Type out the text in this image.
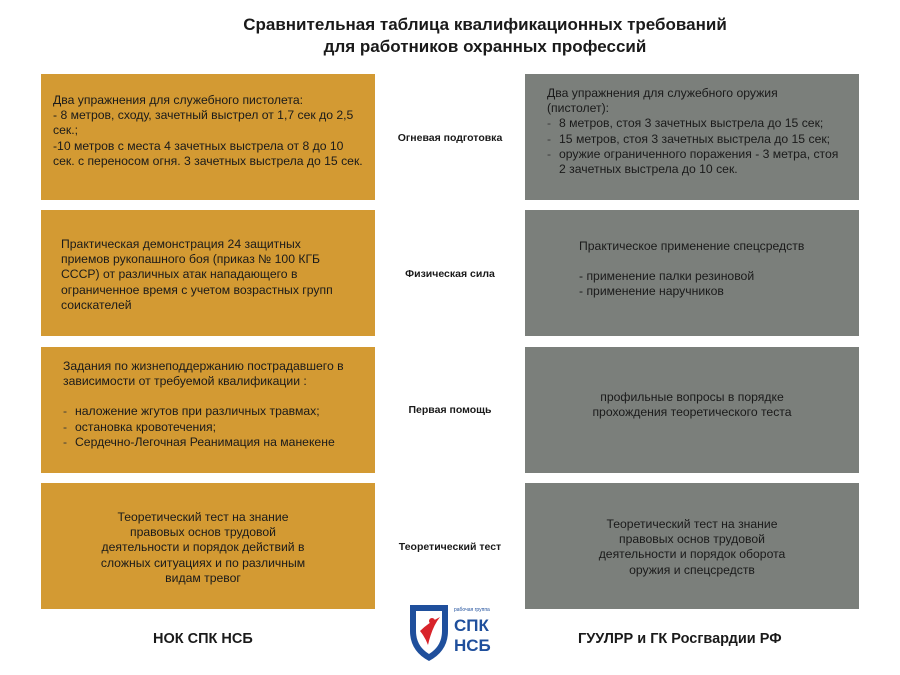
Сравнительная таблица квалификационных требований
для работников охранных профессий
Два упражнения для служебного пистолета:
- 8 метров, сходу, зачетный выстрел от 1,7 сек до 2,5 сек.;
-10 метров с места 4 зачетных выстрела от 8 до 10 сек. с переносом огня. 3 зачетных выстрела до 15 сек.
Огневая подготовка
Два упражнения для служебного оружия (пистолет):
- 8 метров, стоя 3 зачетных выстрела до 15 сек;
- 15 метров, стоя 3 зачетных выстрела до 15 сек;
- оружие ограниченного поражения - 3 метра, стоя 2 зачетных выстрела до 10 сек.
Практическая демонстрация 24 защитных приемов рукопашного боя (приказ № 100 КГБ СССР) от различных атак нападающего в ограниченное время с учетом возрастных групп соискателей
Физическая сила
Практическое применение спецсредств
- применение палки резиновой
- применение наручников
Задания по жизнеподдержанию пострадавшего в зависимости от требуемой квалификации :
- наложение жгутов при различных травмах;
- остановка кровотечения;
- Сердечно-Легочная Реанимация на манекене
Первая помощь
профильные вопросы в порядке прохождения теоретического теста
Теоретический тест на знание правовых основ трудовой деятельности и порядок действий в сложных ситуациях и по различным видам тревог
Теоретический тест
Теоретический тест на знание правовых основ трудовой деятельности и порядок оборота оружия и спецсредств
рабочая группа
СПК
НСБ
НОК СПК НСБ	ГУУЛРР и ГК Росгвардии РФ
